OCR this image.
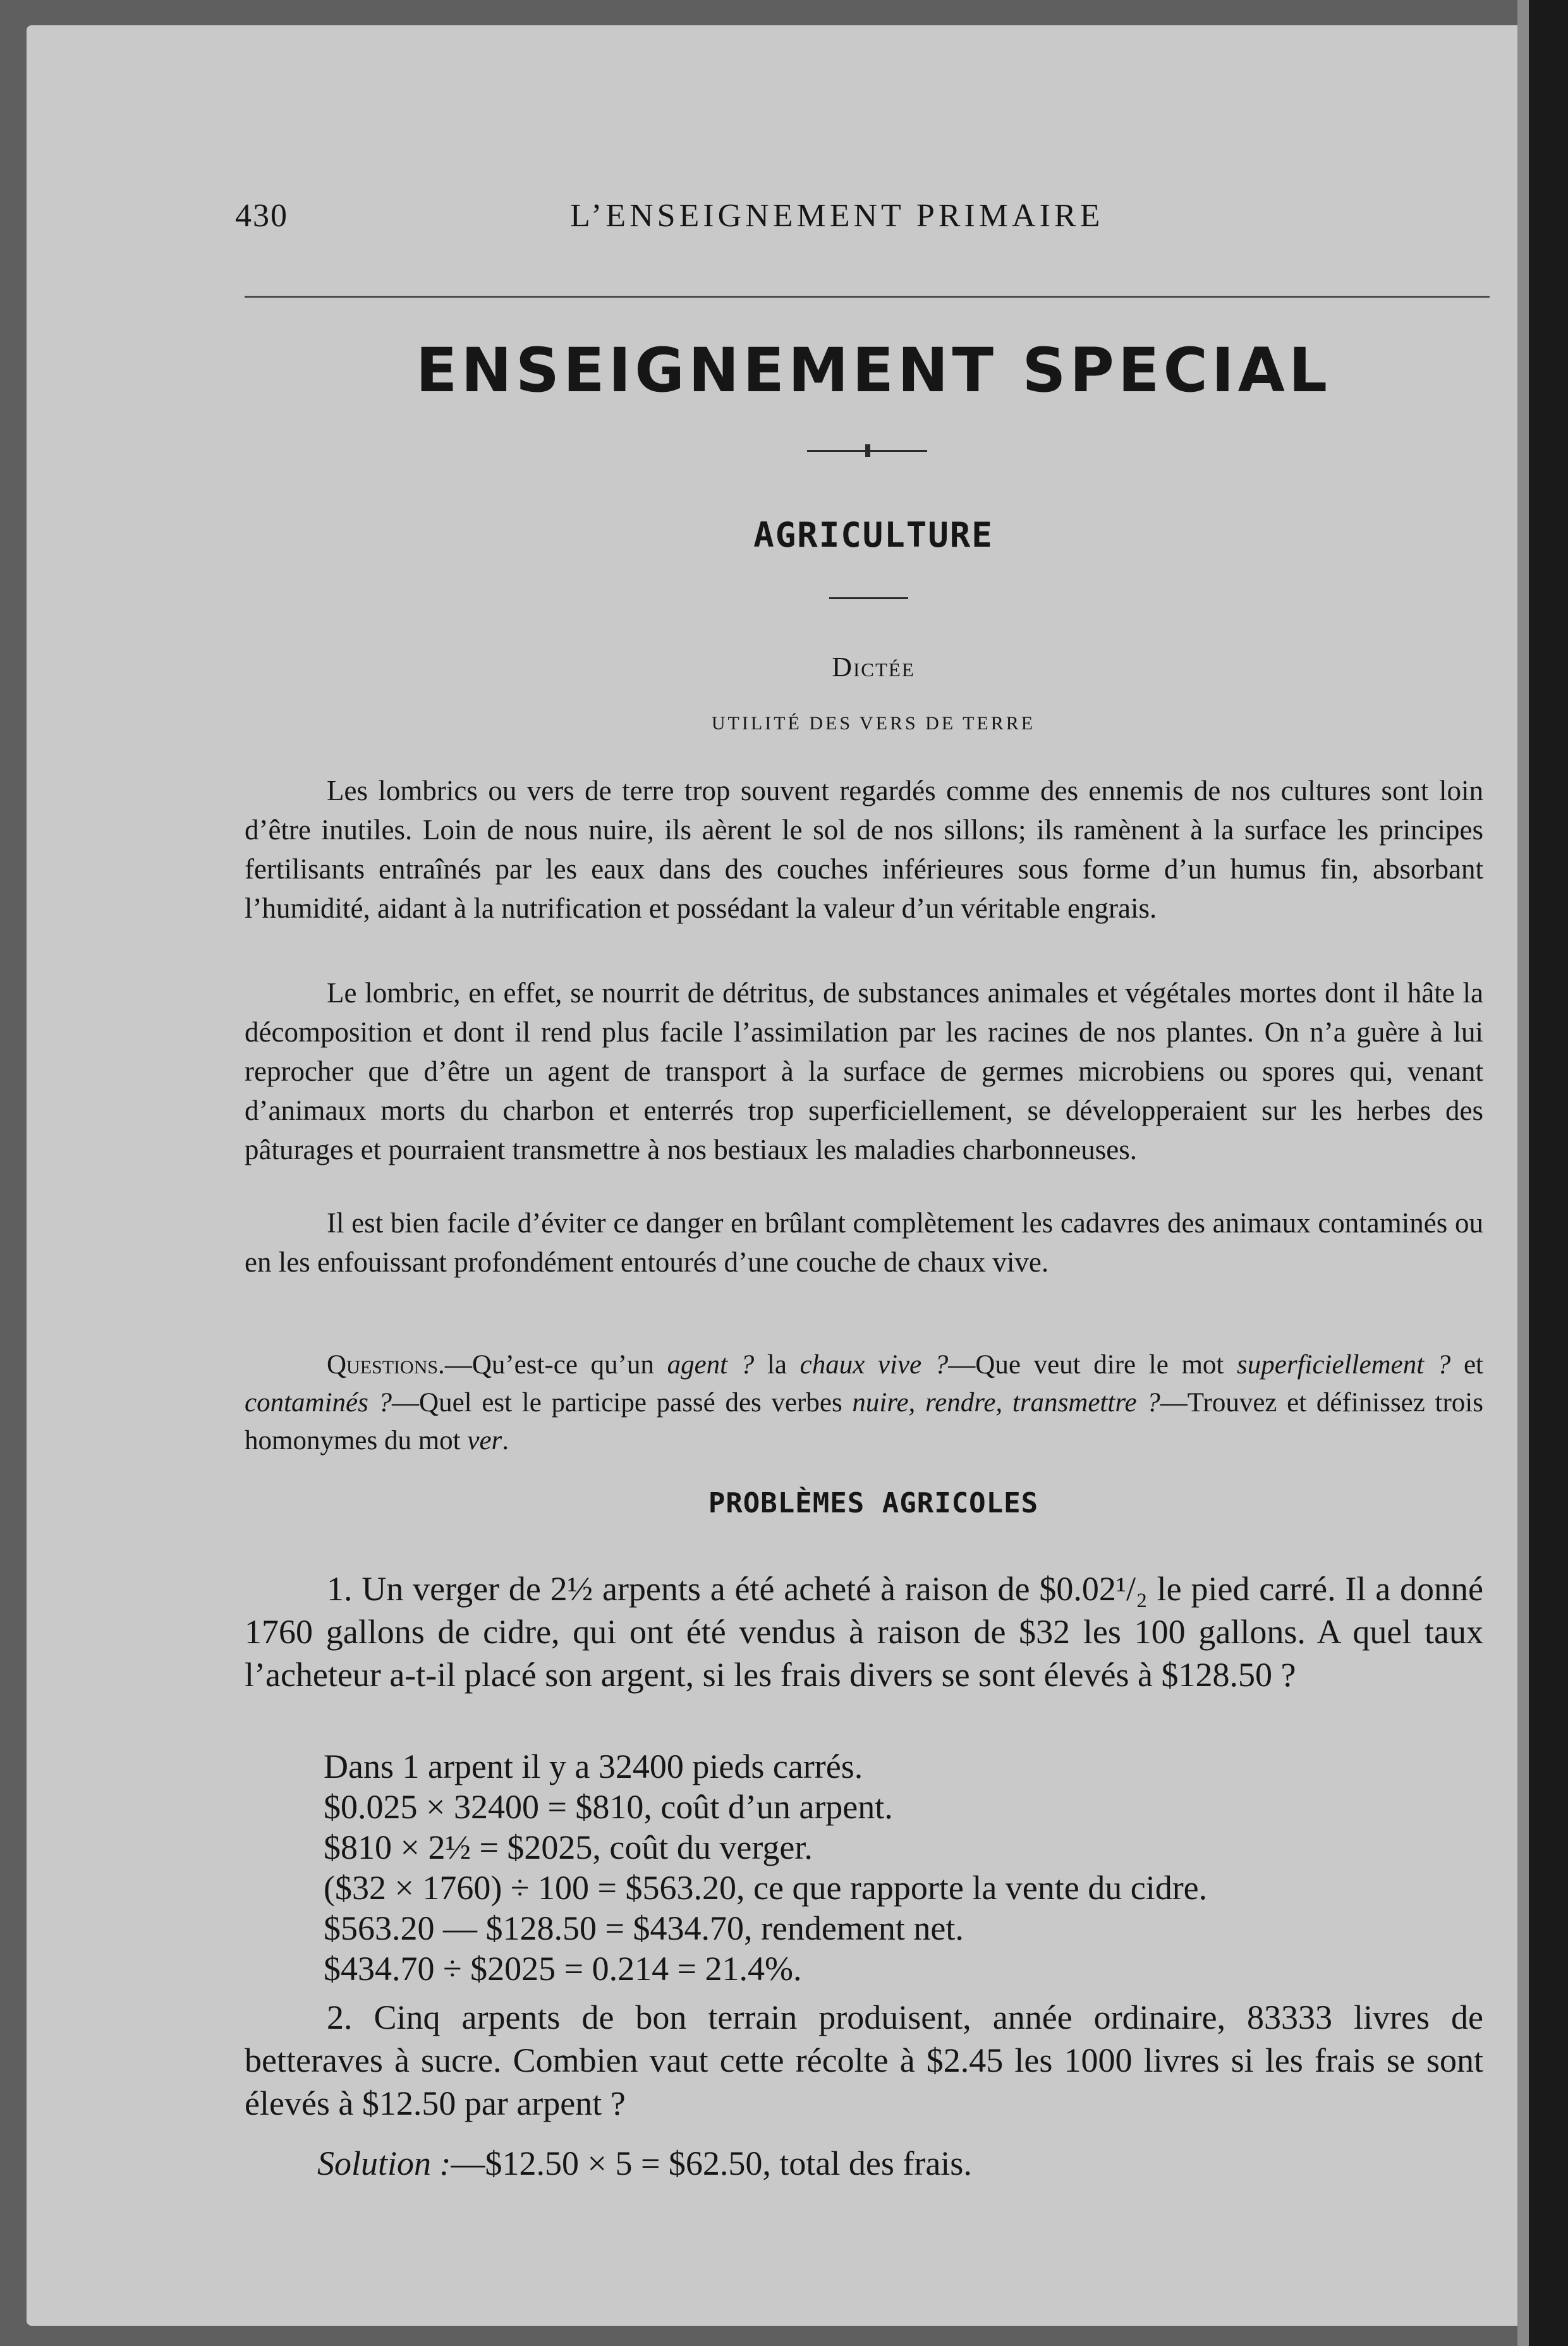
430	L’ENSEIGNEMENT PRIMAIRE
ENSEIGNEMENT SPECIAL
AGRICULTURE
Dictée
UTILITÉ DES VERS DE TERRE

Les lombrics ou vers de terre trop souvent regardés comme des ennemis de nos cultures sont loin d’être inutiles. Loin de nous nuire, ils aèrent le sol de nos sillons; ils ramènent à la surface les principes fertilisants entraînés par les eaux dans des couches inférieures sous forme d’un humus fin, absorbant l’humidité, aidant à la nutrification et possédant la valeur d’un véritable engrais.

Le lombric, en effet, se nourrit de détritus, de substances animales et végétales mortes dont il hâte la décomposition et dont il rend plus facile l’assimilation par les racines de nos plantes. On n’a guère à lui reprocher que d’être un agent de transport à la surface de germes microbiens ou spores qui, venant d’animaux morts du charbon et enterrés trop superficiellement, se développeraient sur les herbes des pâturages et pourraient transmettre à nos bestiaux les maladies charbonneuses.

Il est bien facile d’éviter ce danger en brûlant complètement les cadavres des animaux contaminés ou en les enfouissant profondément entourés d’une couche de chaux vive.

Questions.—Qu’est-ce qu’un agent ? la chaux vive ?—Que veut dire le mot superficiellement ? et contaminés ?—Quel est le participe passé des verbes nuire, rendre, transmettre ?—Trouvez et définissez trois homonymes du mot ver.

PROBLÈMES AGRICOLES

1. Un verger de 2½ arpents a été acheté à raison de $0.02¹/₂ le pied carré. Il a donné 1760 gallons de cidre, qui ont été vendus à raison de $32 les 100 gallons. A quel taux l’acheteur a-t-il placé son argent, si les frais divers se sont élevés à $128.50 ?

Dans 1 arpent il y a 32400 pieds carrés.
$0.025 × 32400 = $810, coût d’un arpent.
$810 × 2½ = $2025, coût du verger.
($32 × 1760) ÷ 100 = $563.20, ce que rapporte la vente du cidre.
$563.20 — $128.50 = $434.70, rendement net.
$434.70 ÷ $2025 = 0.214 = 21.4%.

2. Cinq arpents de bon terrain produisent, année ordinaire, 83333 livres de betteraves à sucre. Combien vaut cette récolte à $2.45 les 1000 livres si les frais se sont élevés à $12.50 par arpent ?

Solution :—$12.50 × 5 = $62.50, total des frais.
